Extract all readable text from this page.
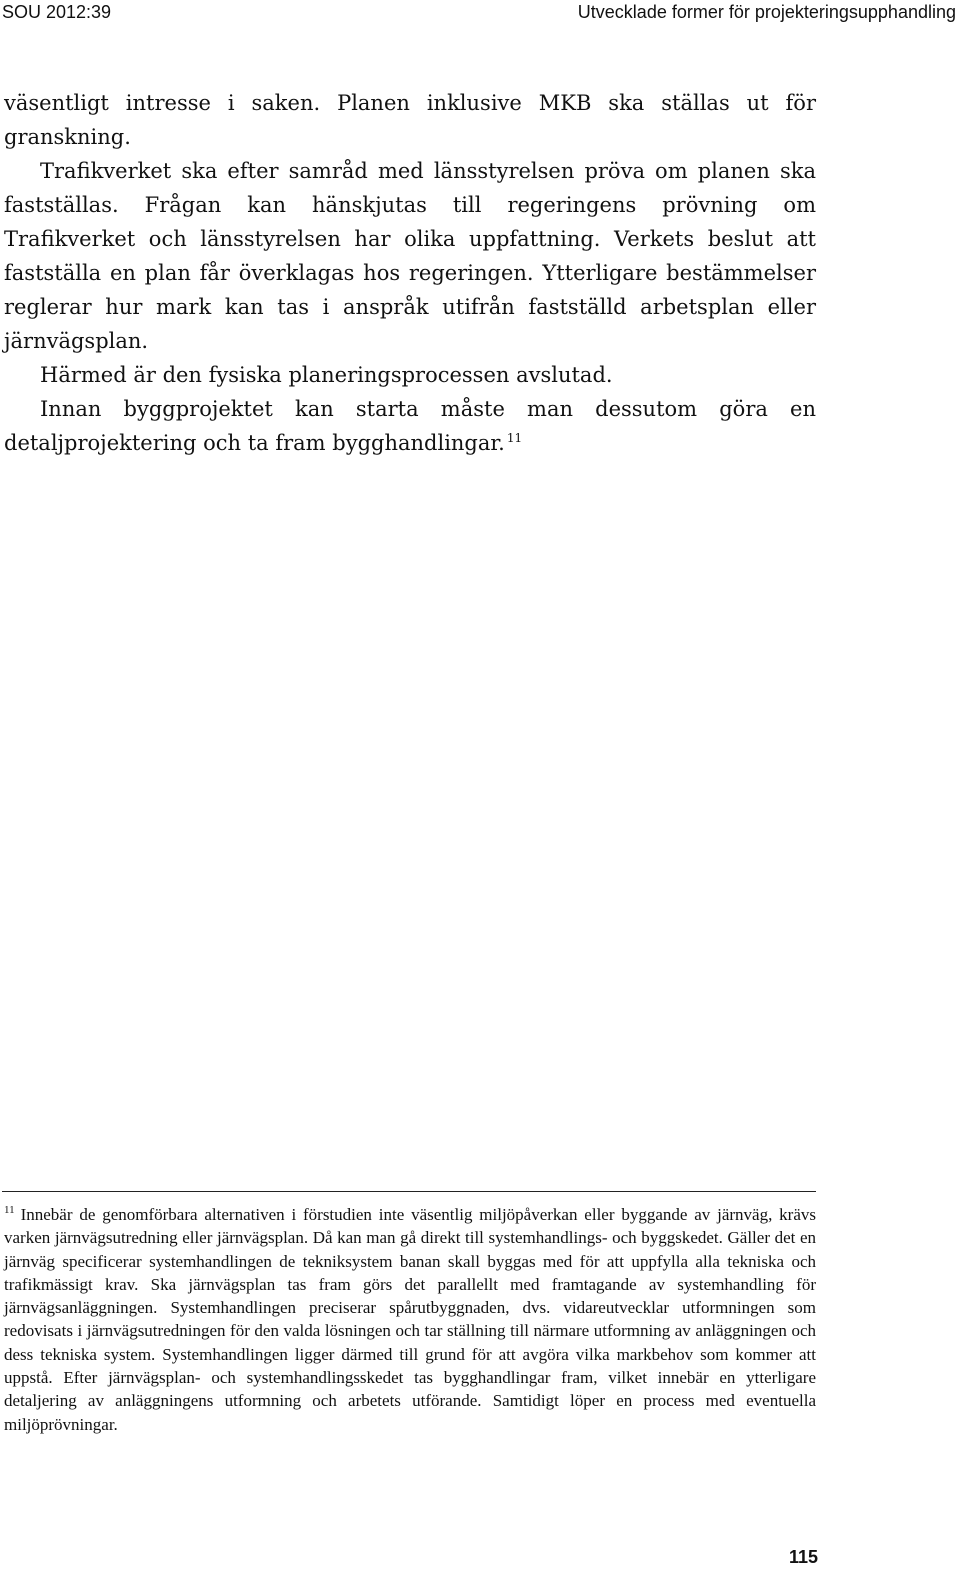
SOU 2012:39	Utvecklade former för projekteringsupphandling

väsentligt intresse i saken. Planen inklusive MKB ska ställas ut för granskning.

Trafikverket ska efter samråd med länsstyrelsen pröva om planen ska fastställas. Frågan kan hänskjutas till regeringens prövning om Trafikverket och länsstyrelsen har olika uppfattning. Verkets beslut att fastställa en plan får överklagas hos regeringen. Ytterligare bestämmelser reglerar hur mark kan tas i anspråk utifrån fastställd arbetsplan eller järnvägsplan.

Härmed är den fysiska planeringsprocessen avslutad.

Innan byggprojektet kan starta måste man dessutom göra en detaljprojektering och ta fram bygghandlingar. $^{11}$

$^{11}$ Innebär de genomförbara alternativen i förstudien inte väsentlig miljöpåverkan eller byggande av järnväg, krävs varken järnvägsutredning eller järnvägsplan. Då kan man gå direkt till systemhandlings- och byggskedet. Gäller det en järnväg specificerar systemhandlingen de tekniksystem banan skall byggas med för att uppfylla alla tekniska och trafikmässigt krav. Ska järnvägsplan tas fram görs det parallellt med framtagande av systemhandling för järnvägsanläggningen. Systemhandlingen preciserar spårutbyggnaden, dvs. vidareutvecklar utformningen som redovisats i järnvägsutredningen för den valda lösningen och tar ställning till närmare utformning av anläggningen och dess tekniska system. Systemhandlingen ligger därmed till grund för att avgöra vilka markbehov som kommer att uppstå. Efter järnvägsplan- och systemhandlingsskedet tas bygghandlingar fram, vilket innebär en ytterligare detaljering av anläggningens utformning och arbetets utförande. Samtidigt löper en process med eventuella miljöprövningar.

115
